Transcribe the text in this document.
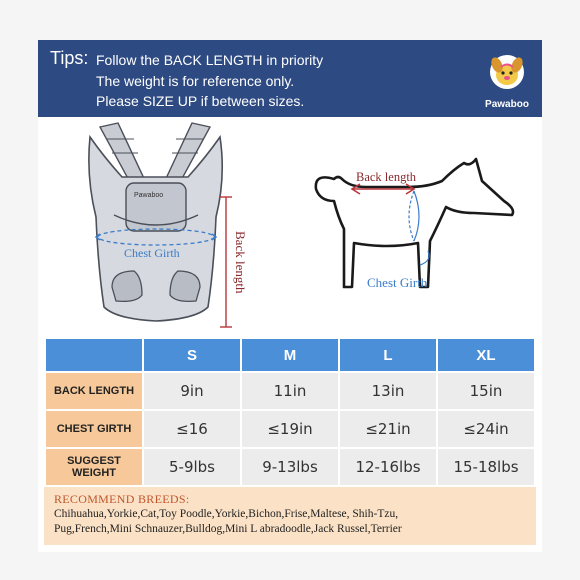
Tips: Follow the BACK LENGTH in priority
The weight is for reference only.
Please SIZE UP if between sizes.	Pawaboo
Pawaboo
Chest Girth	Back length
Back length
Chest Girth
	S	M	L	XL
BACK LENGTH	9in	11in	13in	15in
CHEST GIRTH	≤16	≤19in	≤21in	≤24in
SUGGEST WEIGHT	5-9lbs	9-13lbs	12-16lbs	15-18lbs
RECOMMEND BREEDS:
Chihuahua,Yorkie,Cat,Toy Poodle,Yorkie,Bichon,Frise,Maltese, Shih-Tzu,
Pug,French,Mini Schnauzer,Bulldog,Mini L abradoodle,Jack Russel,Terrier
